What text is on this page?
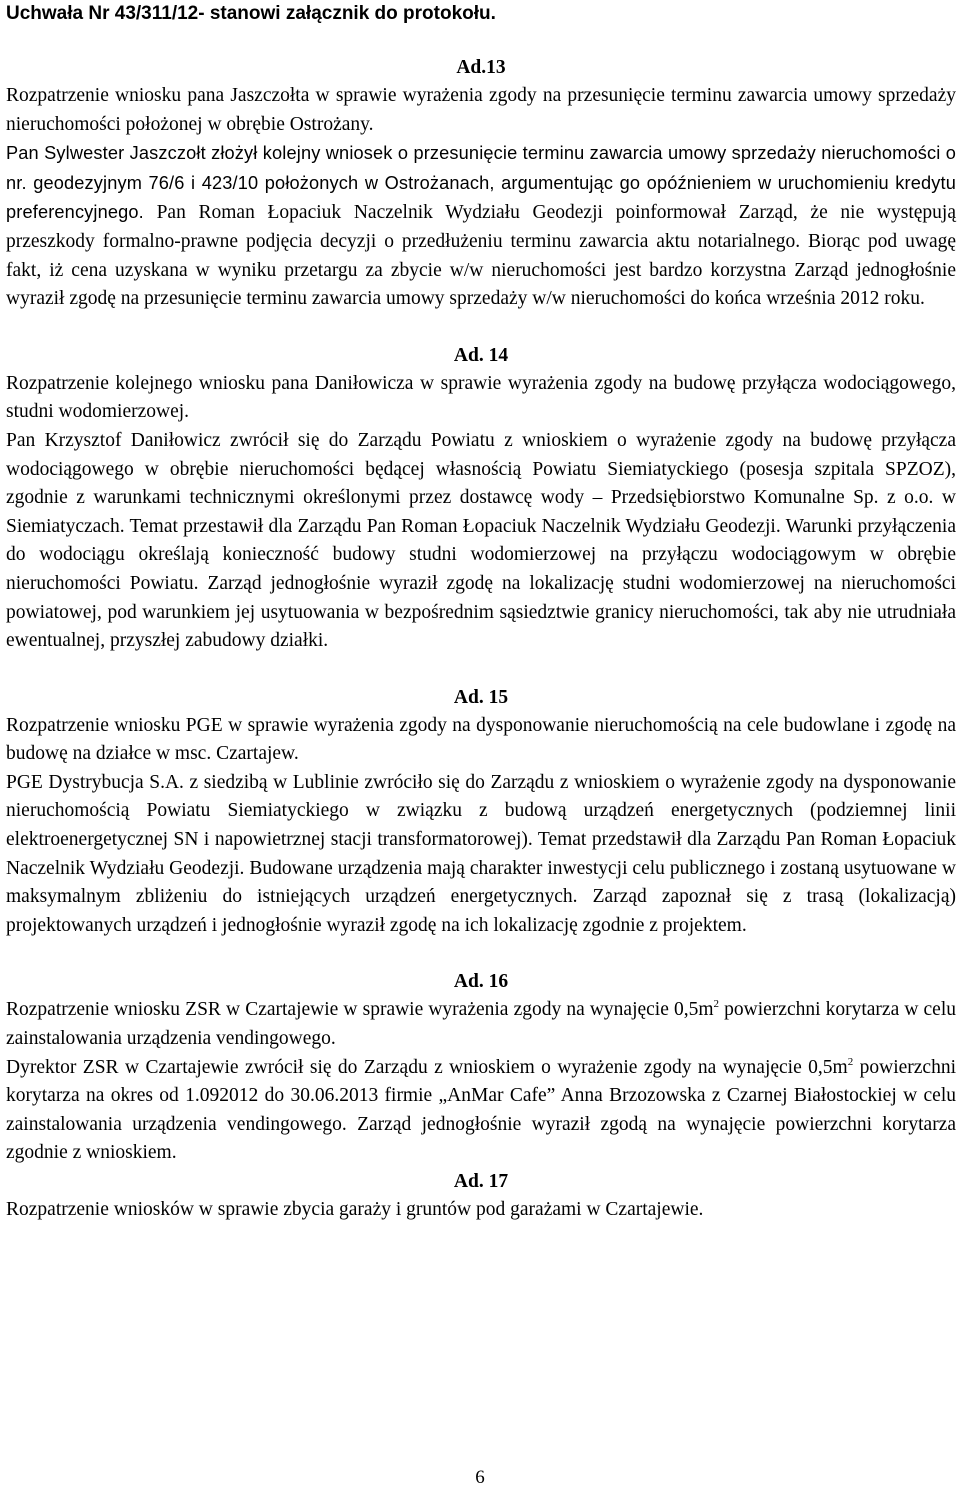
Uchwała Nr 43/311/12- stanowi załącznik do protokołu.

Ad.13

Rozpatrzenie wniosku pana Jaszczołta w sprawie wyrażenia zgody na przesunięcie terminu zawarcia umowy sprzedaży nieruchomości położonej w obrębie Ostrożany.

Pan Sylwester Jaszczołt złożył kolejny wniosek o przesunięcie terminu zawarcia umowy sprzedaży nieruchomości o nr. geodezyjnym 76/6 i 423/10 położonych w Ostrożanach, argumentując go opóźnieniem w uruchomieniu kredytu preferencyjnego. Pan Roman Łopaciuk Naczelnik Wydziału Geodezji poinformował Zarząd, że nie występują przeszkody formalno-prawne podjęcia decyzji o przedłużeniu terminu zawarcia aktu notarialnego. Biorąc pod uwagę fakt, iż cena uzyskana w wyniku przetargu za zbycie w/w nieruchomości jest bardzo korzystna Zarząd jednogłośnie wyraził zgodę na przesunięcie terminu zawarcia umowy sprzedaży w/w nieruchomości do końca września 2012 roku.

Ad. 14

Rozpatrzenie kolejnego wniosku pana Daniłowicza w sprawie wyrażenia zgody na budowę przyłącza wodociągowego, studni wodomierzowej.

Pan Krzysztof Daniłowicz zwrócił się do Zarządu Powiatu z wnioskiem o wyrażenie zgody na budowę przyłącza wodociągowego w obrębie nieruchomości będącej własnością Powiatu Siemiatyckiego (posesja szpitala SPZOZ), zgodnie z warunkami technicznymi określonymi przez dostawcę wody – Przedsiębiorstwo Komunalne Sp. z o.o. w Siemiatyczach. Temat przestawił dla Zarządu Pan Roman Łopaciuk Naczelnik Wydziału Geodezji. Warunki przyłączenia do wodociągu określają konieczność budowy studni wodomierzowej na przyłączu wodociągowym w obrębie nieruchomości Powiatu. Zarząd jednogłośnie wyraził zgodę na lokalizację studni wodomierzowej na nieruchomości powiatowej, pod warunkiem jej usytuowania w bezpośrednim sąsiedztwie granicy nieruchomości, tak aby nie utrudniała ewentualnej, przyszłej zabudowy działki.

Ad. 15

Rozpatrzenie wniosku PGE w sprawie wyrażenia zgody na dysponowanie nieruchomością na cele budowlane i zgodę na budowę na działce w msc. Czartajew.

PGE Dystrybucja S.A. z siedzibą w Lublinie zwróciło się do Zarządu z wnioskiem o wyrażenie zgody na dysponowanie nieruchomością Powiatu Siemiatyckiego w związku z budową urządzeń energetycznych (podziemnej linii elektroenergetycznej SN i napowietrznej stacji transformatorowej). Temat przedstawił dla Zarządu Pan Roman Łopaciuk Naczelnik Wydziału Geodezji. Budowane urządzenia mają charakter inwestycji celu publicznego i zostaną usytuowane w maksymalnym zbliżeniu do istniejących urządzeń energetycznych. Zarząd zapoznał się z trasą (lokalizacją) projektowanych urządzeń i jednogłośnie wyraził zgodę na ich lokalizację zgodnie z projektem.

Ad. 16

Rozpatrzenie wniosku ZSR w Czartajewie w sprawie wyrażenia zgody na wynajęcie $0,5m^2$ powierzchni korytarza w celu zainstalowania urządzenia vendingowego.

Dyrektor ZSR w Czartajewie zwrócił się do Zarządu z wnioskiem o wyrażenie zgody na wynajęcie $0,5m^2$ powierzchni korytarza na okres od 1.092012 do 30.06.2013 firmie „AnMar Cafe” Anna Brzozowska z Czarnej Białostockiej w celu zainstalowania urządzenia vendingowego. Zarząd jednogłośnie wyraził zgodą na wynajęcie powierzchni korytarza zgodnie z wnioskiem.

Ad. 17

Rozpatrzenie wniosków w sprawie zbycia garaży i gruntów pod garażami w Czartajewie.

6
